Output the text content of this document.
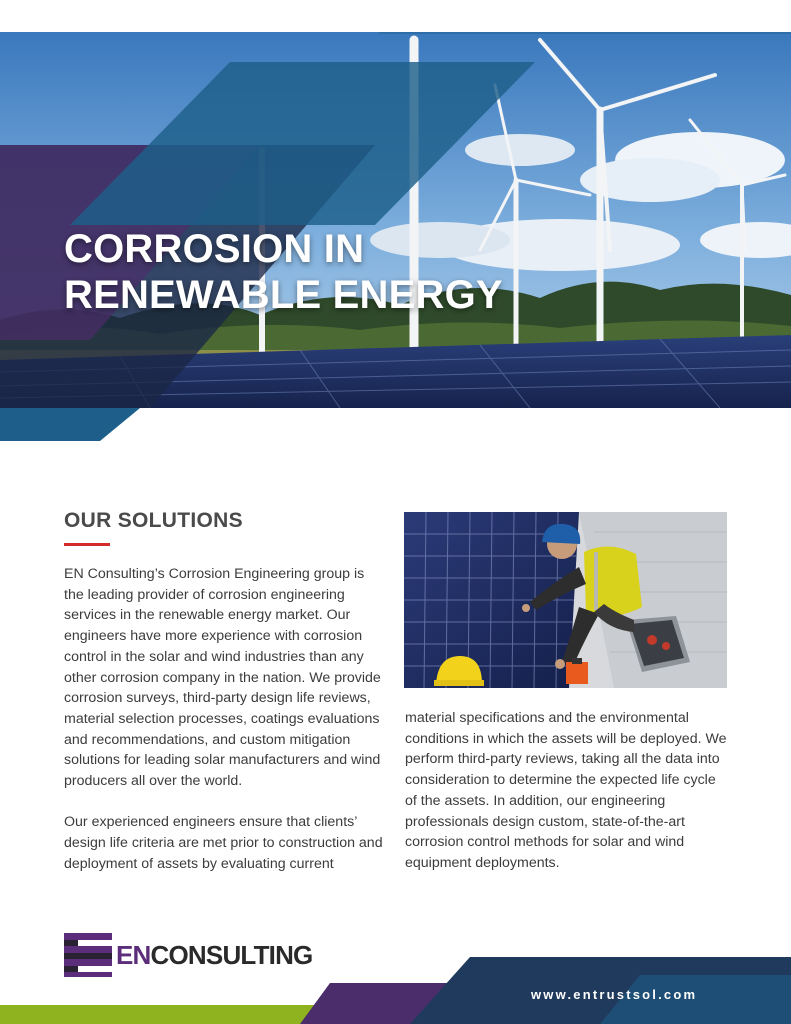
CORROSION IN
RENEWABLE ENERGY
OUR SOLUTIONS

EN Consulting’s Corrosion Engineering group is the leading provider of corrosion engineering services in the renewable energy market. Our engineers have more experience with corrosion control in the solar and wind industries than any other corrosion company in the nation. We provide corrosion surveys, third-party design life reviews, material selection processes, coatings evaluations and recommendations, and custom mitigation solutions for leading solar manufacturers and wind producers all over the world.

Our experienced engineers ensure that clients’ design life criteria are met prior to construction and deployment of assets by evaluating current

material specifications and the environmental conditions in which the assets will be deployed. We perform third-party reviews, taking all the data into consideration to determine the expected life cycle of the assets. In addition, our engineering professionals design custom, state-of-the-art corrosion control methods for solar and wind equipment deployments.

ENCONSULTING
www.entrustsol.com
